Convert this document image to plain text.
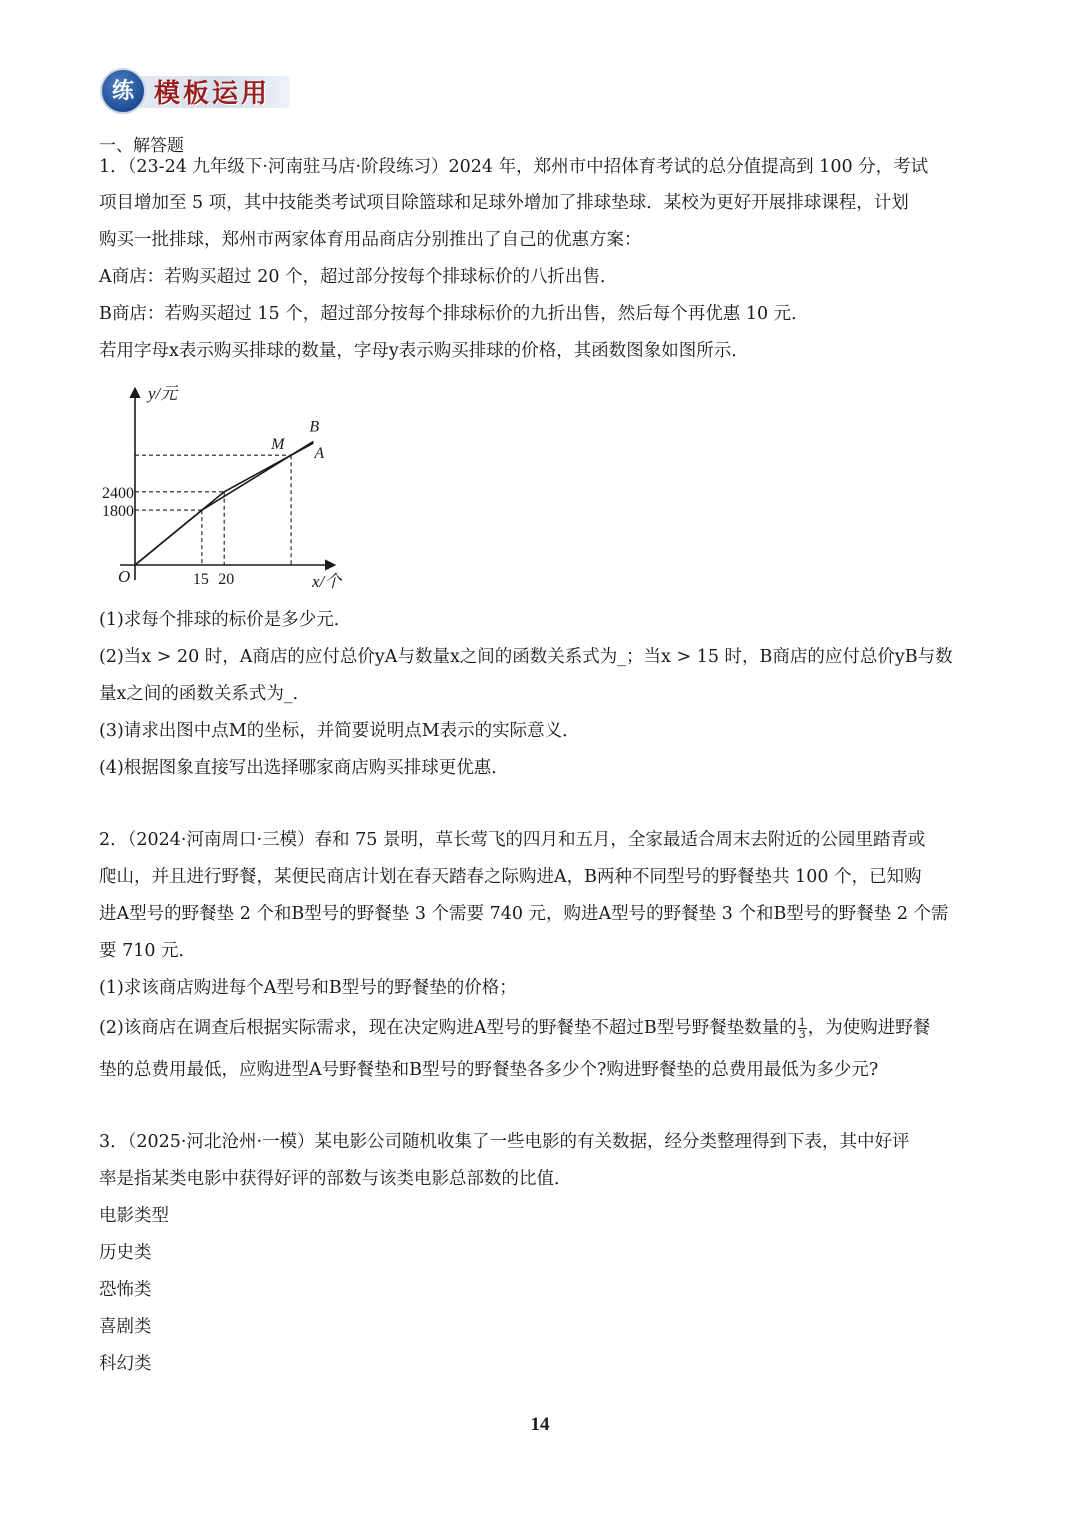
练 模板运用
一、解答题
1．（23-24 九年级下·河南驻马店·阶段练习）2024 年，郑州市中招体育考试的总分值提高到 100 分，考试
项目增加至 5 项，其中技能类考试项目除篮球和足球外增加了排球垫球．某校为更好开展排球课程，计划
购买一批排球，郑州市两家体育用品商店分别推出了自己的优惠方案：
A商店：若购买超过 20 个，超过部分按每个排球标价的八折出售．
B商店：若购买超过 15 个，超过部分按每个排球标价的九折出售，然后每个再优惠 10 元．
若用字母x表示购买排球的数量，字母y表示购买排球的价格，其函数图象如图所示．
y/元
x/个
O	15 20
1800
2400
B
A
M
(1)求每个排球的标价是多少元．
(2)当x > 20 时，A商店的应付总价yA与数量x之间的函数关系式为_；当x > 15 时，B商店的应付总价yB与数
量x之间的函数关系式为_．
(3)请求出图中点M的坐标，并简要说明点M表示的实际意义．
(4)根据图象直接写出选择哪家商店购买排球更优惠．
2．（2024·河南周口·三模）春和 75 景明，草长莺飞的四月和五月，全家最适合周末去附近的公园里踏青或
爬山，并且进行野餐，某便民商店计划在春天踏春之际购进A，B两种不同型号的野餐垫共 100 个，已知购
进A型号的野餐垫 2 个和B型号的野餐垫 3 个需要 740 元，购进A型号的野餐垫 3 个和B型号的野餐垫 2 个需
要 710 元．
(1)求该商店购进每个A型号和B型号的野餐垫的价格；
(2)该商店在调查后根据实际需求，现在决定购进A型号的野餐垫不超过B型号野餐垫数量的 $\frac{1}{3}$ ，为使购进野餐
垫的总费用最低，应购进型A号野餐垫和B型号的野餐垫各多少个?购进野餐垫的总费用最低为多少元?
3．（2025·河北沧州·一模）某电影公司随机收集了一些电影的有关数据，经分类整理得到下表，其中好评
率是指某类电影中获得好评的部数与该类电影总部数的比值．
电影类型
历史类
恐怖类
喜剧类
科幻类
14
